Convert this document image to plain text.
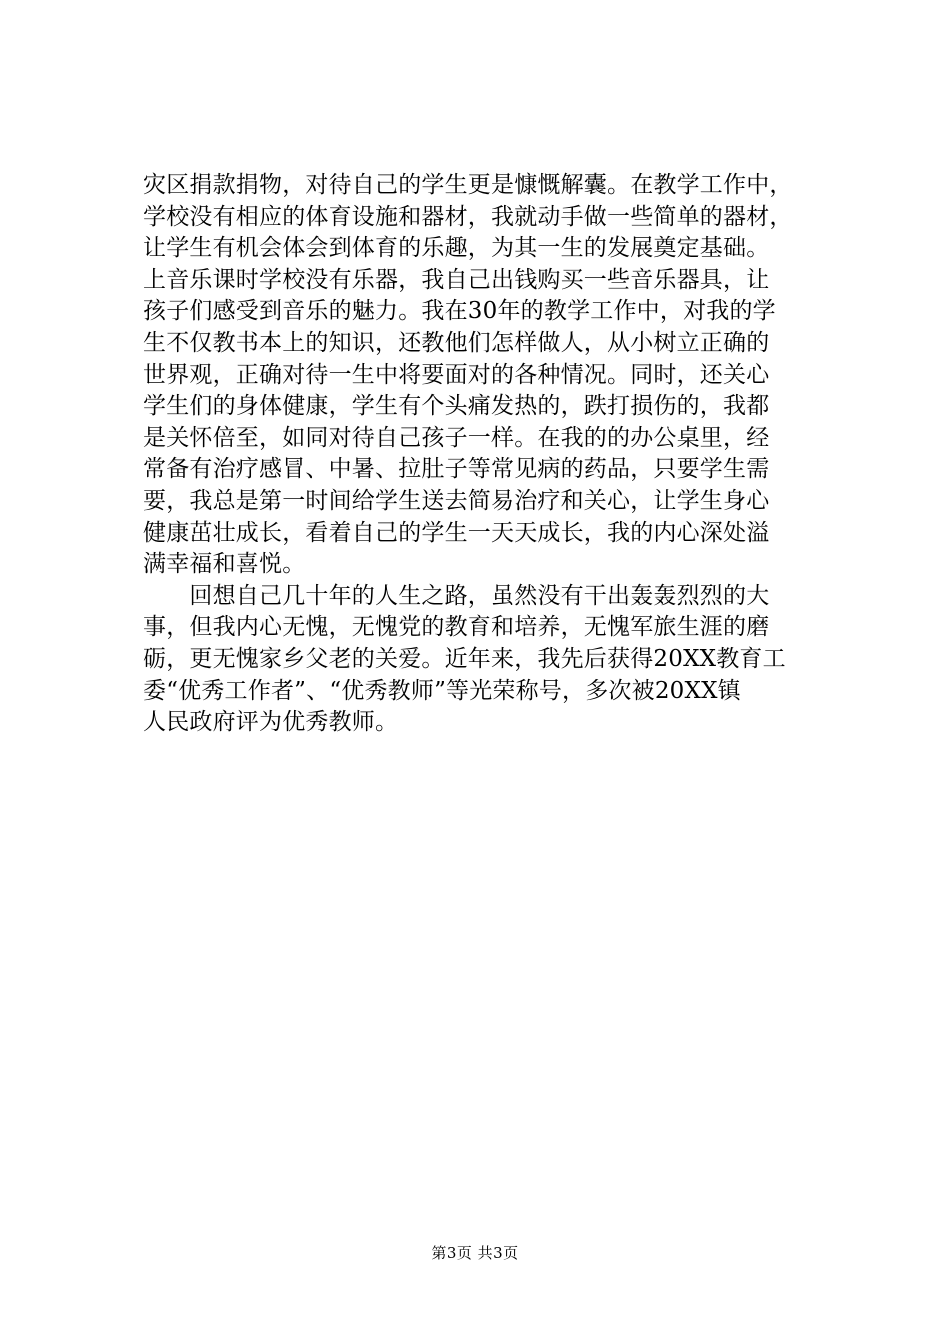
灾区捐款捐物，对待自己的学生更是慷慨解囊。在教学工作中，
学校没有相应的体育设施和器材，我就动手做一些简单的器材，
让学生有机会体会到体育的乐趣，为其一生的发展奠定基础。
上音乐课时学校没有乐器，我自己出钱购买一些音乐器具，让
孩子们感受到音乐的魅力。我在30年的教学工作中，对我的学
生不仅教书本上的知识，还教他们怎样做人，从小树立正确的
世界观，正确对待一生中将要面对的各种情况。同时，还关心
学生们的身体健康，学生有个头痛发热的，跌打损伤的，我都
是关怀倍至，如同对待自己孩子一样。在我的的办公桌里，经
常备有治疗感冒、中暑、拉肚子等常见病的药品，只要学生需
要，我总是第一时间给学生送去简易治疗和关心，让学生身心
健康茁壮成长，看着自己的学生一天天成长，我的内心深处溢
满幸福和喜悦。
　　回想自己几十年的人生之路，虽然没有干出轰轰烈烈的大
事，但我内心无愧，无愧党的教育和培养，无愧军旅生涯的磨
砺，更无愧家乡父老的关爱。近年来，我先后获得20XX教育工
委“优秀工作者”、“优秀教师”等光荣称号，多次被20XX镇
人民政府评为优秀教师。
第3页 共3页
